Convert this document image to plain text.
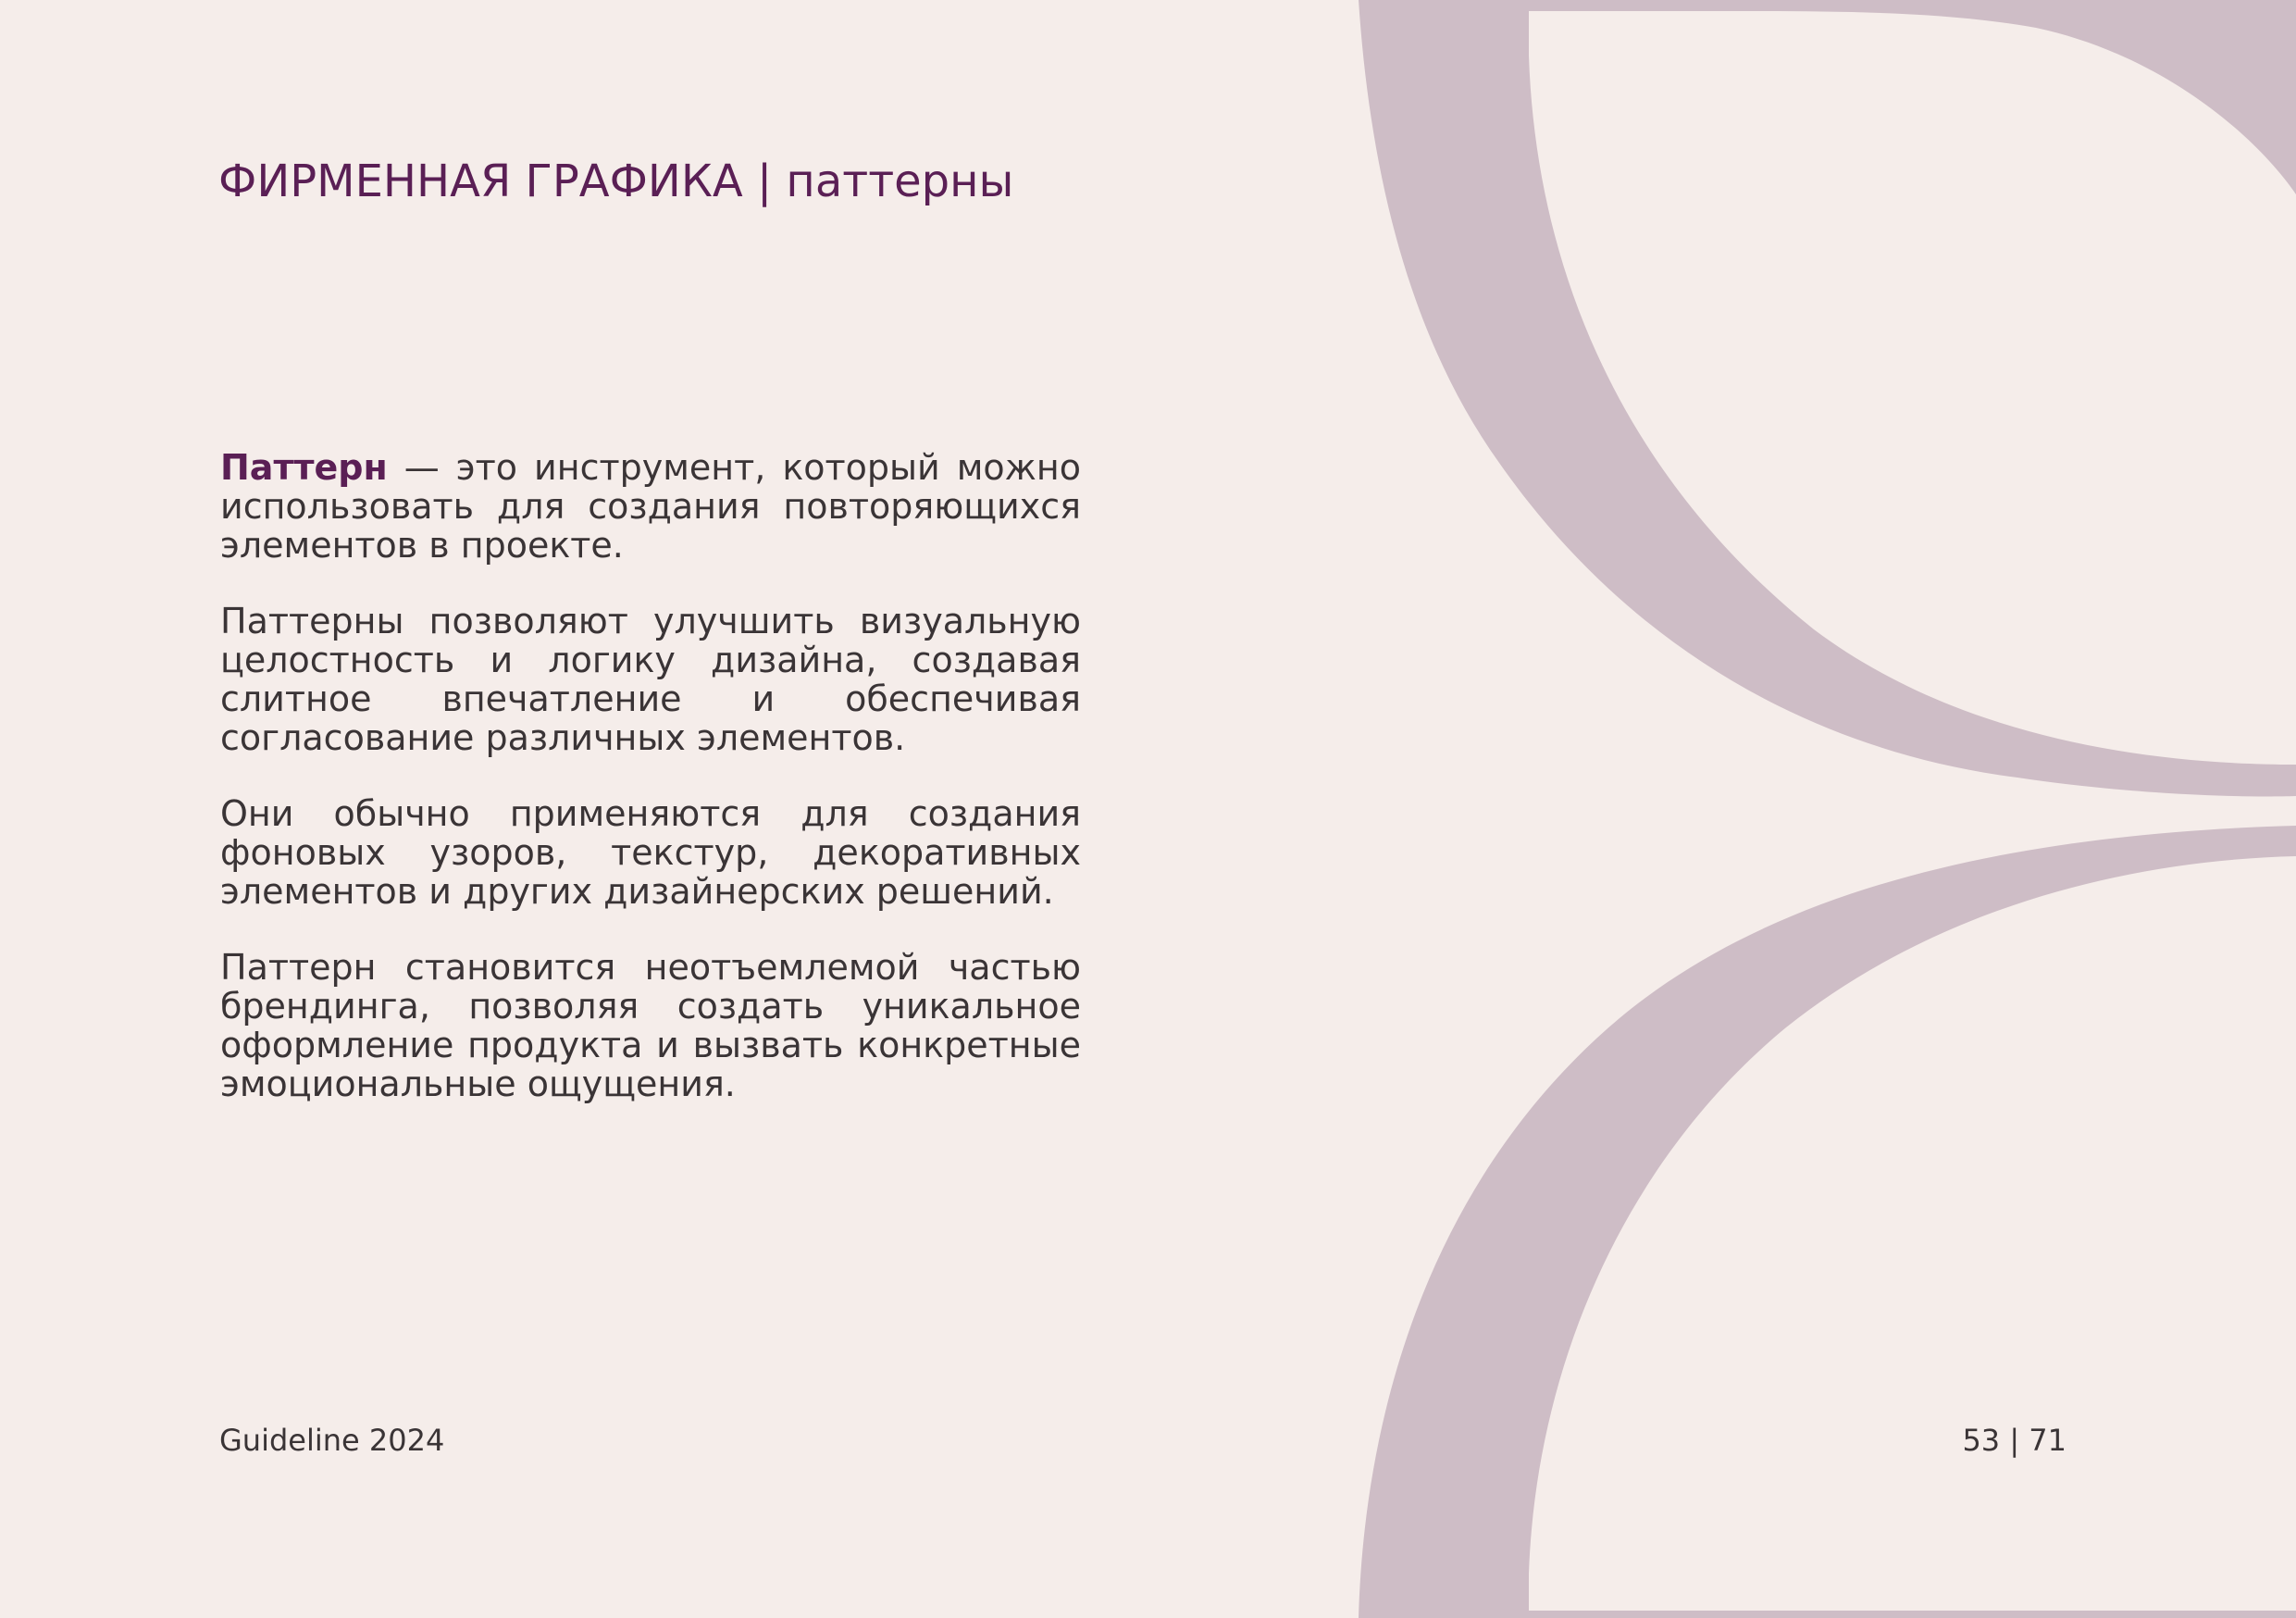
ФИРМЕННАЯ ГРАФИКА | паттерны

Паттерн — это инструмент, который можно использовать для создания повторяющихся элементов в проекте.

Паттерны позволяют улучшить визуальную целостность и логику дизайна, создавая слитное впечатление и обеспечивая согласование различных элементов.

Они обычно применяются для создания фоновых узоров, текстур, декоративных элементов и других дизайнерских решений.

Паттерн становится неотъемлемой частью брендинга, позволяя создать уникальное оформление продукта и вызвать конкретные эмоциональные ощущения.

Guideline 2024	53 | 71
